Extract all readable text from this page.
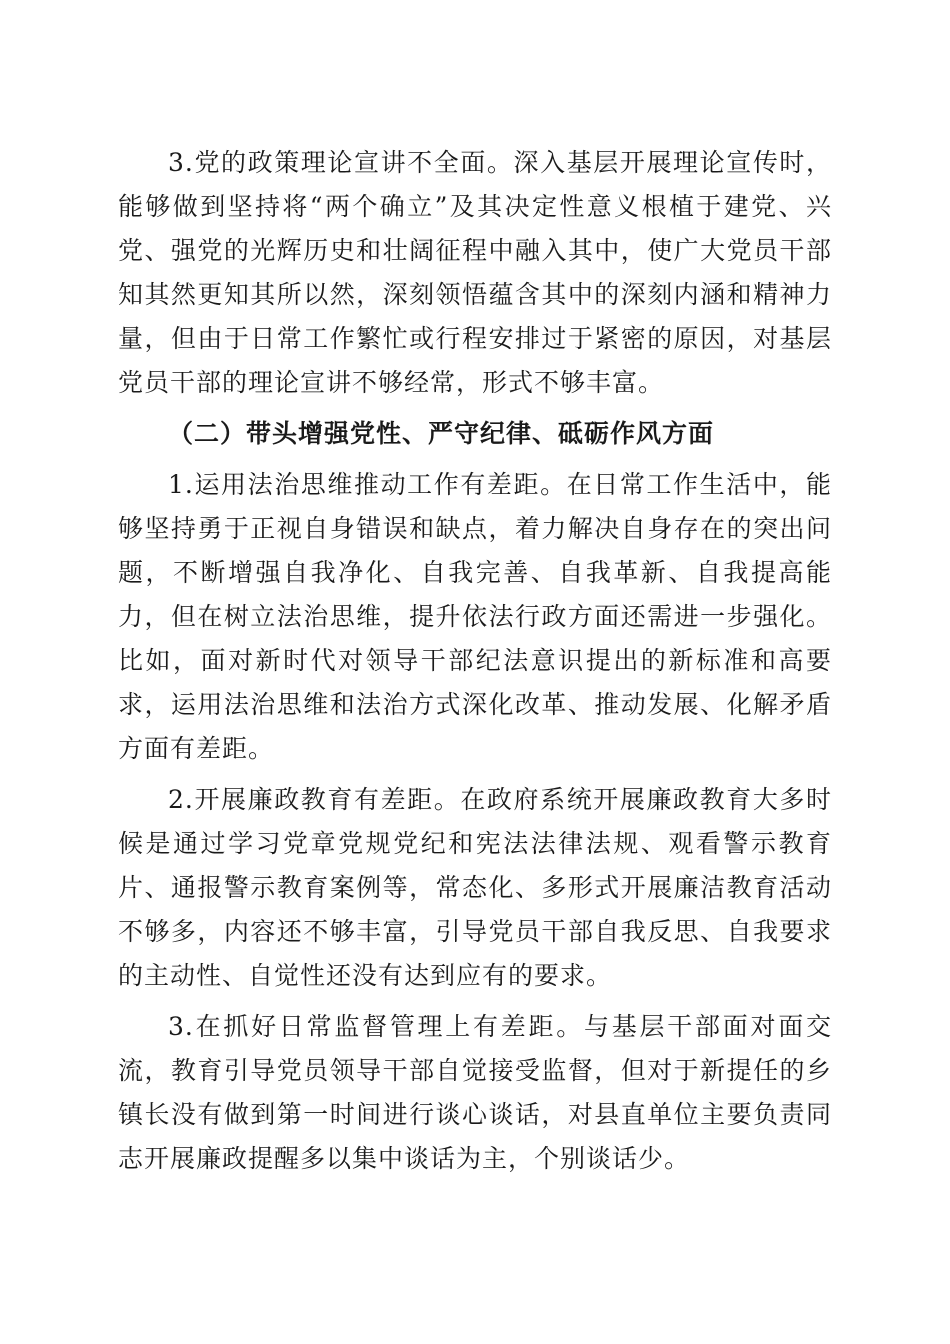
3.党的政策理论宣讲不全面。深入基层开展理论宣传时，能够做到坚持将“两个确立”及其决定性意义根植于建党、兴党、强党的光辉历史和壮阔征程中融入其中，使广大党员干部知其然更知其所以然，深刻领悟蕴含其中的深刻内涵和精神力量，但由于日常工作繁忙或行程安排过于紧密的原因，对基层党员干部的理论宣讲不够经常，形式不够丰富。

（二）带头增强党性、严守纪律、砥砺作风方面

1.运用法治思维推动工作有差距。在日常工作生活中，能够坚持勇于正视自身错误和缺点，着力解决自身存在的突出问题，不断增强自我净化、自我完善、自我革新、自我提高能力，但在树立法治思维，提升依法行政方面还需进一步强化。比如，面对新时代对领导干部纪法意识提出的新标准和高要求，运用法治思维和法治方式深化改革、推动发展、化解矛盾方面有差距。

2.开展廉政教育有差距。在政府系统开展廉政教育大多时候是通过学习党章党规党纪和宪法法律法规、观看警示教育片、通报警示教育案例等，常态化、多形式开展廉洁教育活动不够多，内容还不够丰富，引导党员干部自我反思、自我要求的主动性、自觉性还没有达到应有的要求。

3.在抓好日常监督管理上有差距。与基层干部面对面交流，教育引导党员领导干部自觉接受监督，但对于新提任的乡镇长没有做到第一时间进行谈心谈话，对县直单位主要负责同志开展廉政提醒多以集中谈话为主，个别谈话少。
